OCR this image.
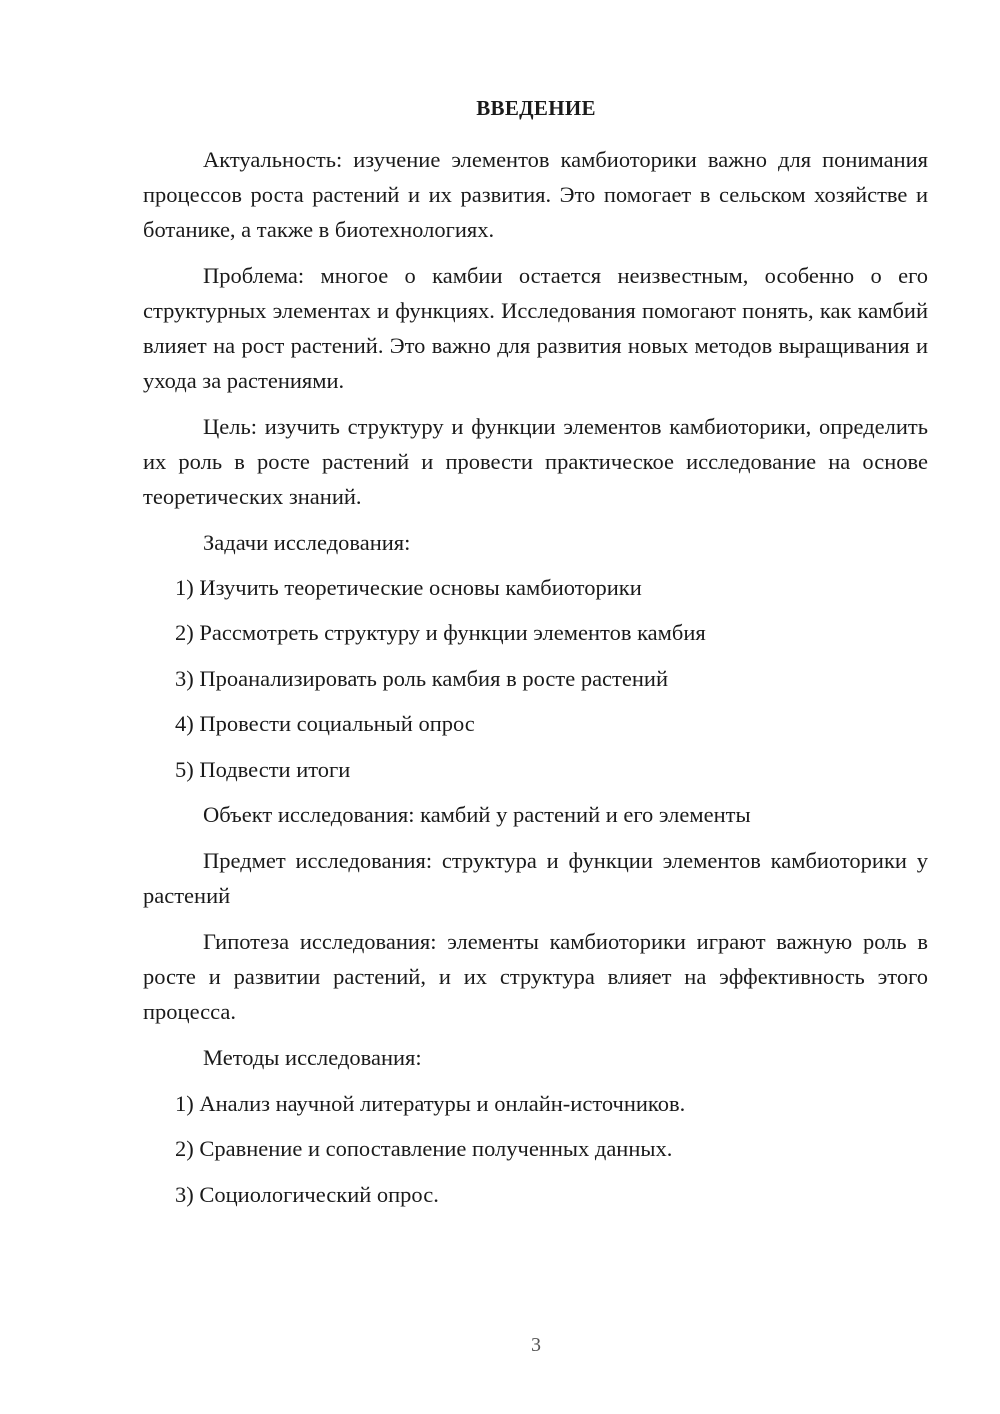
ВВЕДЕНИЕ
Актуальность: изучение элементов камбиоторики важно для понимания процессов роста растений и их развития. Это помогает в сельском хозяйстве и ботанике, а также в биотехнологиях.
Проблема: многое о камбии остается неизвестным, особенно о его структурных элементах и функциях. Исследования помогают понять, как камбий влияет на рост растений. Это важно для развития новых методов выращивания и ухода за растениями.
Цель: изучить структуру и функции элементов камбиоторики, определить их роль в росте растений и провести практическое исследование на основе теоретических знаний.
Задачи исследования:
1) Изучить теоретические основы камбиоторики
2) Рассмотреть структуру и функции элементов камбия
3) Проанализировать роль камбия в росте растений
4) Провести социальный опрос
5) Подвести итоги
Объект исследования: камбий у растений и его элементы
Предмет исследования: структура и функции элементов камбиоторики у растений
Гипотеза исследования: элементы камбиоторики играют важную роль в росте и развитии растений, и их структура влияет на эффективность этого процесса.
Методы исследования:
1) Анализ научной литературы и онлайн-источников.
2) Сравнение и сопоставление полученных данных.
3) Социологический опрос.
3
